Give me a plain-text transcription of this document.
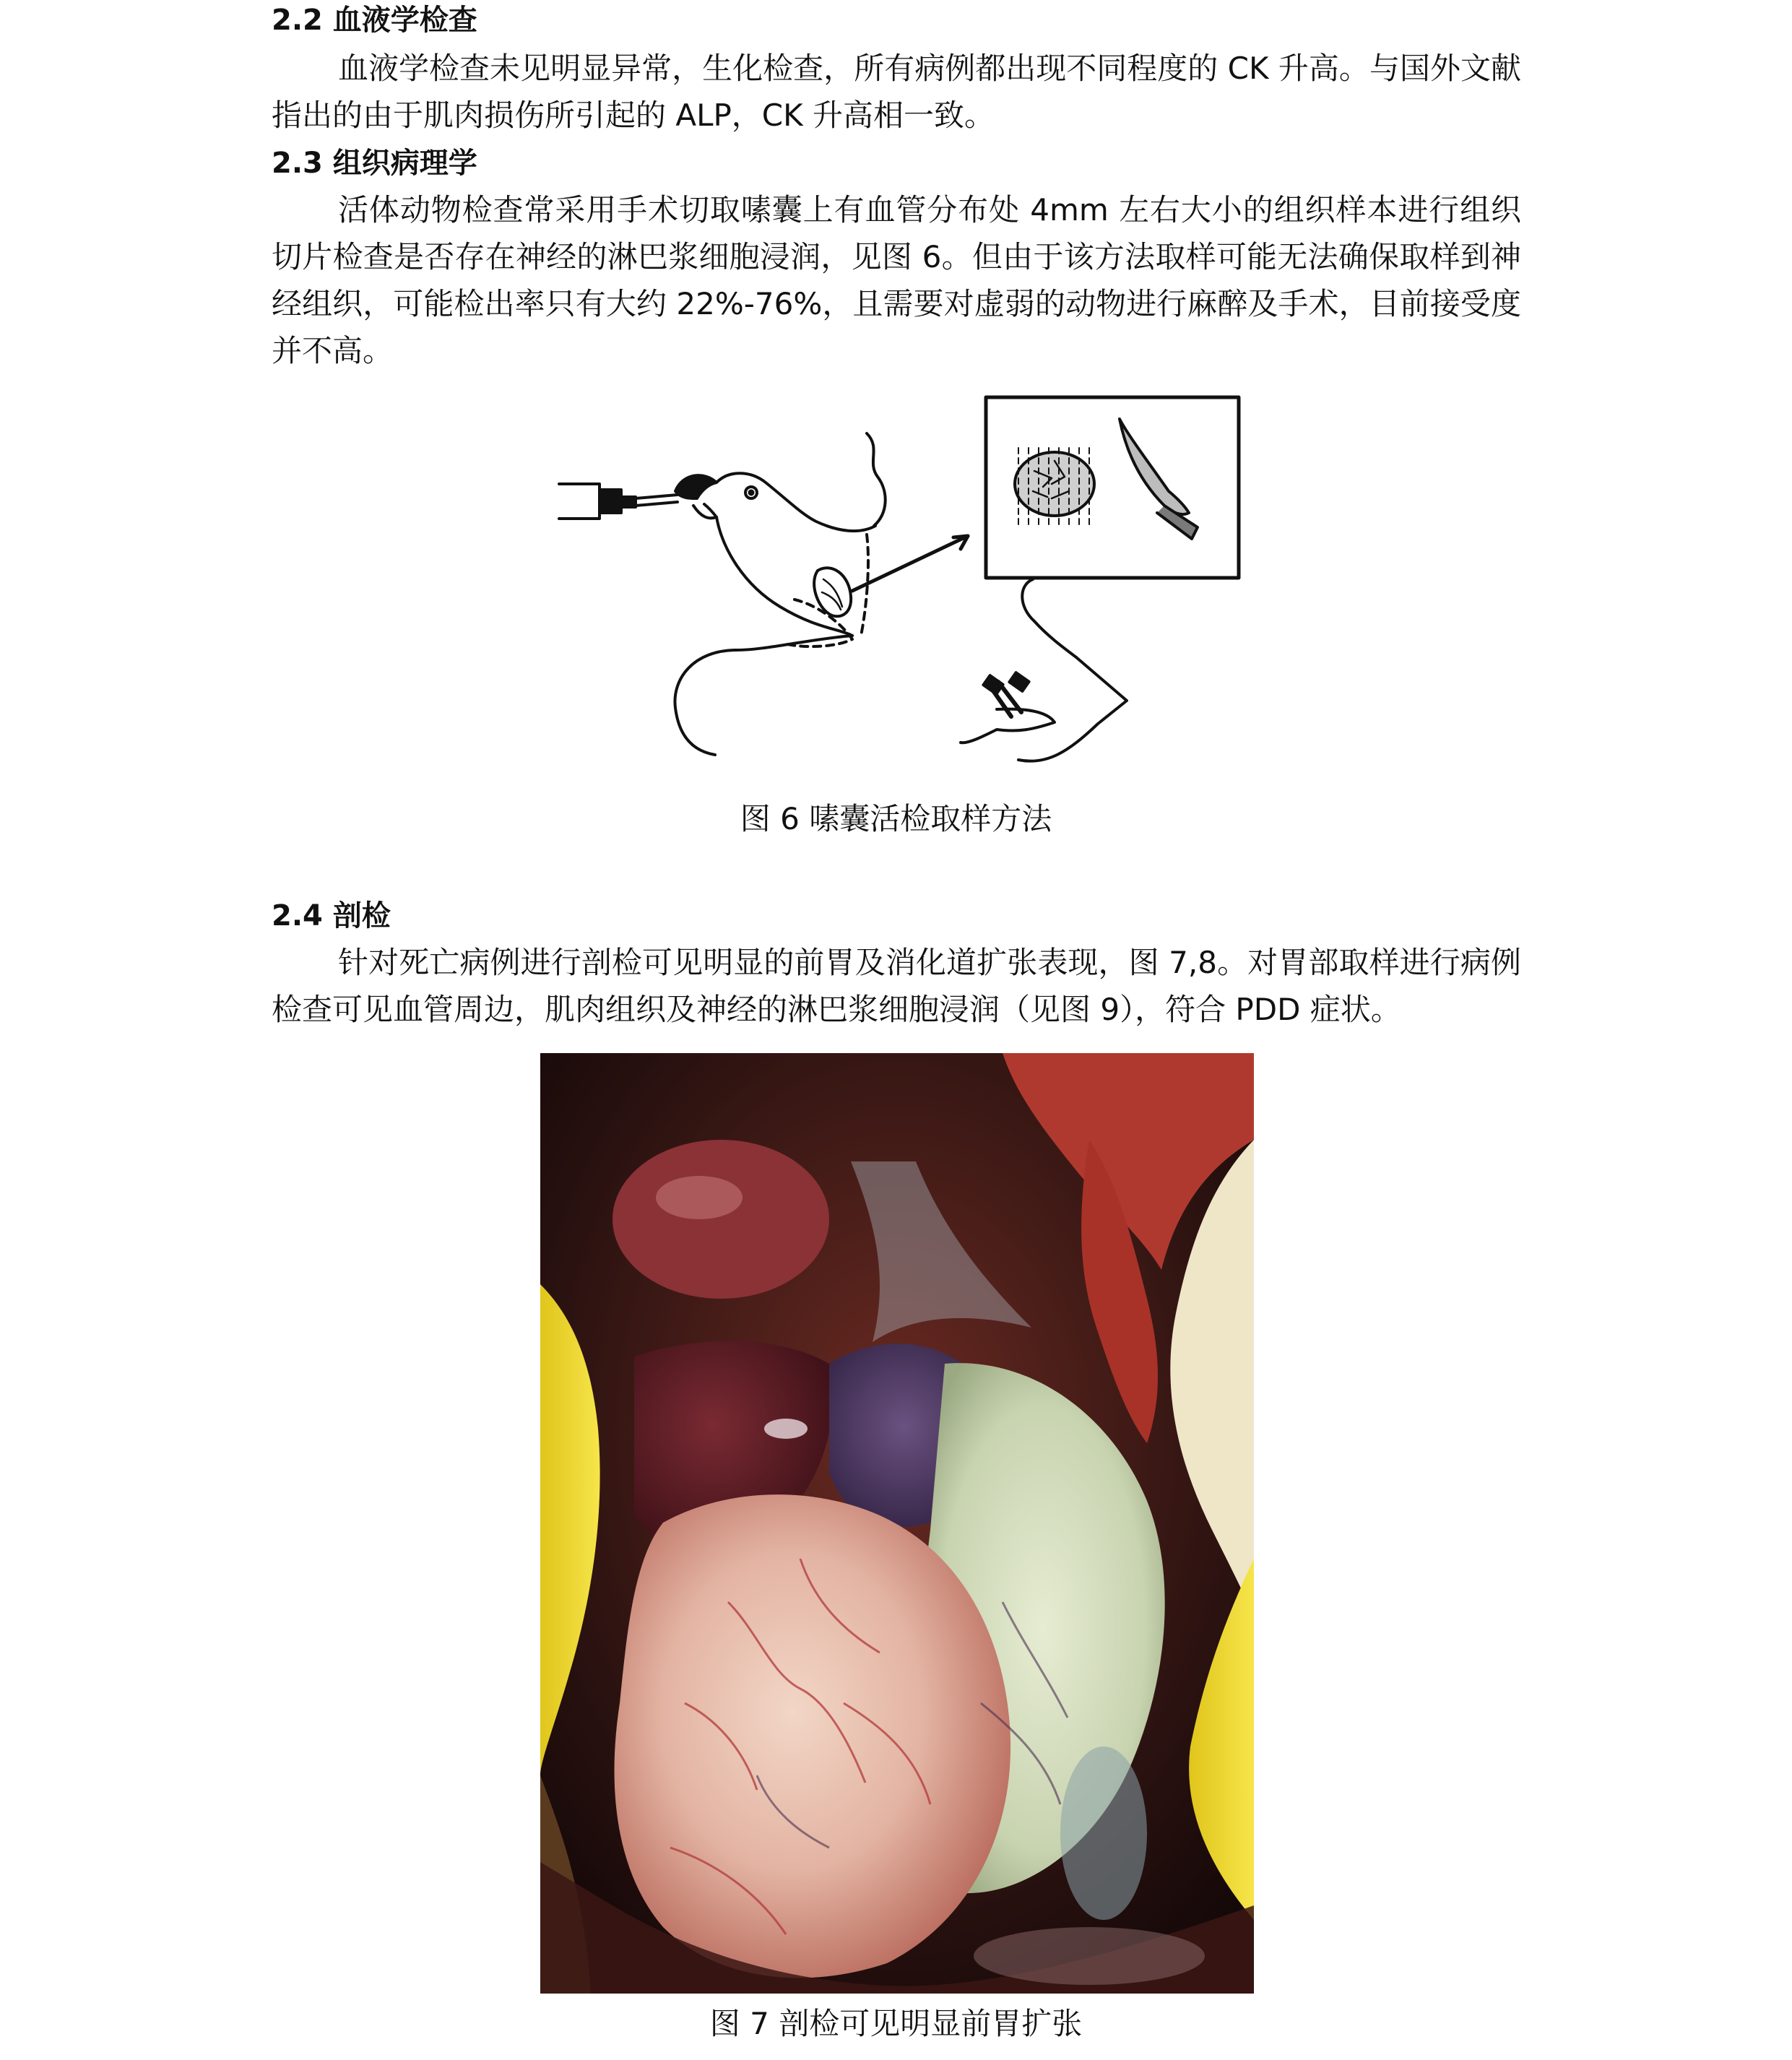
2.2 血液学检查
血液学检查未见明显异常，生化检查，所有病例都出现不同程度的 CK 升高。与国外文献指出的由于肌肉损伤所引起的 ALP，CK 升高相一致。
2.3 组织病理学
活体动物检查常采用手术切取嗉囊上有血管分布处 4mm 左右大小的组织样本进行组织切片检查是否存在神经的淋巴浆细胞浸润，见图 6。但由于该方法取样可能无法确保取样到神经组织，可能检出率只有大约 22%-76%，且需要对虚弱的动物进行麻醉及手术，目前接受度并不高。
图 6 嗉囊活检取样方法
2.4 剖检
针对死亡病例进行剖检可见明显的前胃及消化道扩张表现，图 7,8。对胃部取样进行病例检查可见血管周边，肌肉组织及神经的淋巴浆细胞浸润（见图 9），符合 PDD 症状。
图 7 剖检可见明显前胃扩张
